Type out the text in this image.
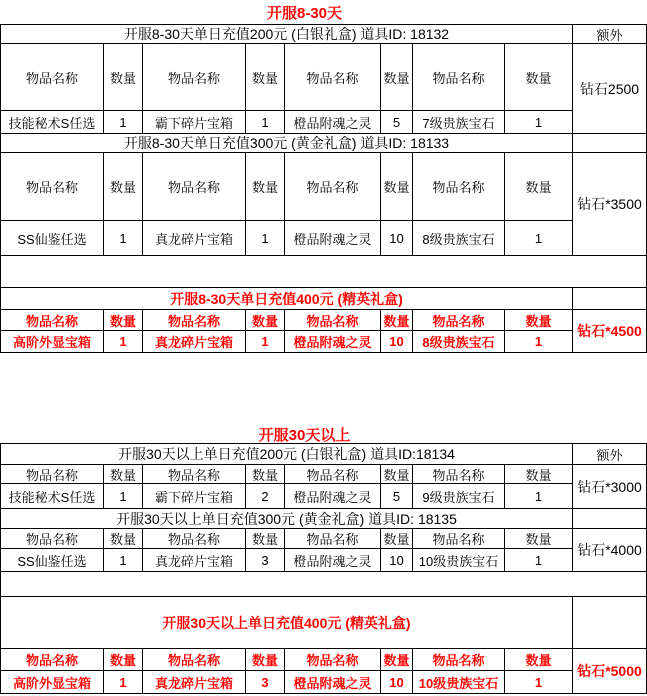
开服8-30天
开服8-30天单日充值200元 (白银礼盒) 道具ID: 18132	额外
物品名称	数量	物品名称	数量	物品名称	数量	物品名称	数量
钻石2500
技能秘术S任选	1	霸下碎片宝箱	1	橙品附魂之灵	5	7级贵族宝石	1
开服8-30天单日充值300元 (黄金礼盒) 道具ID: 18133
物品名称	数量	物品名称	数量	物品名称	数量	物品名称	数量
钻石*3500
SS仙鉴任选	1	真龙碎片宝箱	1	橙品附魂之灵	10	8级贵族宝石	1
开服8-30天单日充值400元 (精英礼盒)
物品名称	数量	物品名称	数量	物品名称	数量	物品名称	数量
钻石*4500
高阶外显宝箱	1	真龙碎片宝箱	1	橙品附魂之灵	10	8级贵族宝石	1
开服30天以上
开服30天以上单日充值200元 (白银礼盒) 道具ID:18134	额外
物品名称	数量	物品名称	数量	物品名称	数量	物品名称	数量
钻石*3000
技能秘术S任选	1	霸下碎片宝箱	2	橙品附魂之灵	5	9级贵族宝石	1
开服30天以上单日充值300元 (黄金礼盒) 道具ID: 18135
物品名称	数量	物品名称	数量	物品名称	数量	物品名称	数量
钻石*4000
SS仙鉴任选	1	真龙碎片宝箱	3	橙品附魂之灵	10	10级贵族宝石	1
开服30天以上单日充值400元 (精英礼盒)
物品名称	数量	物品名称	数量	物品名称	数量	物品名称	数量
钻石*5000
高阶外显宝箱	1	真龙碎片宝箱	3	橙品附魂之灵	10	10级贵族宝石	1
